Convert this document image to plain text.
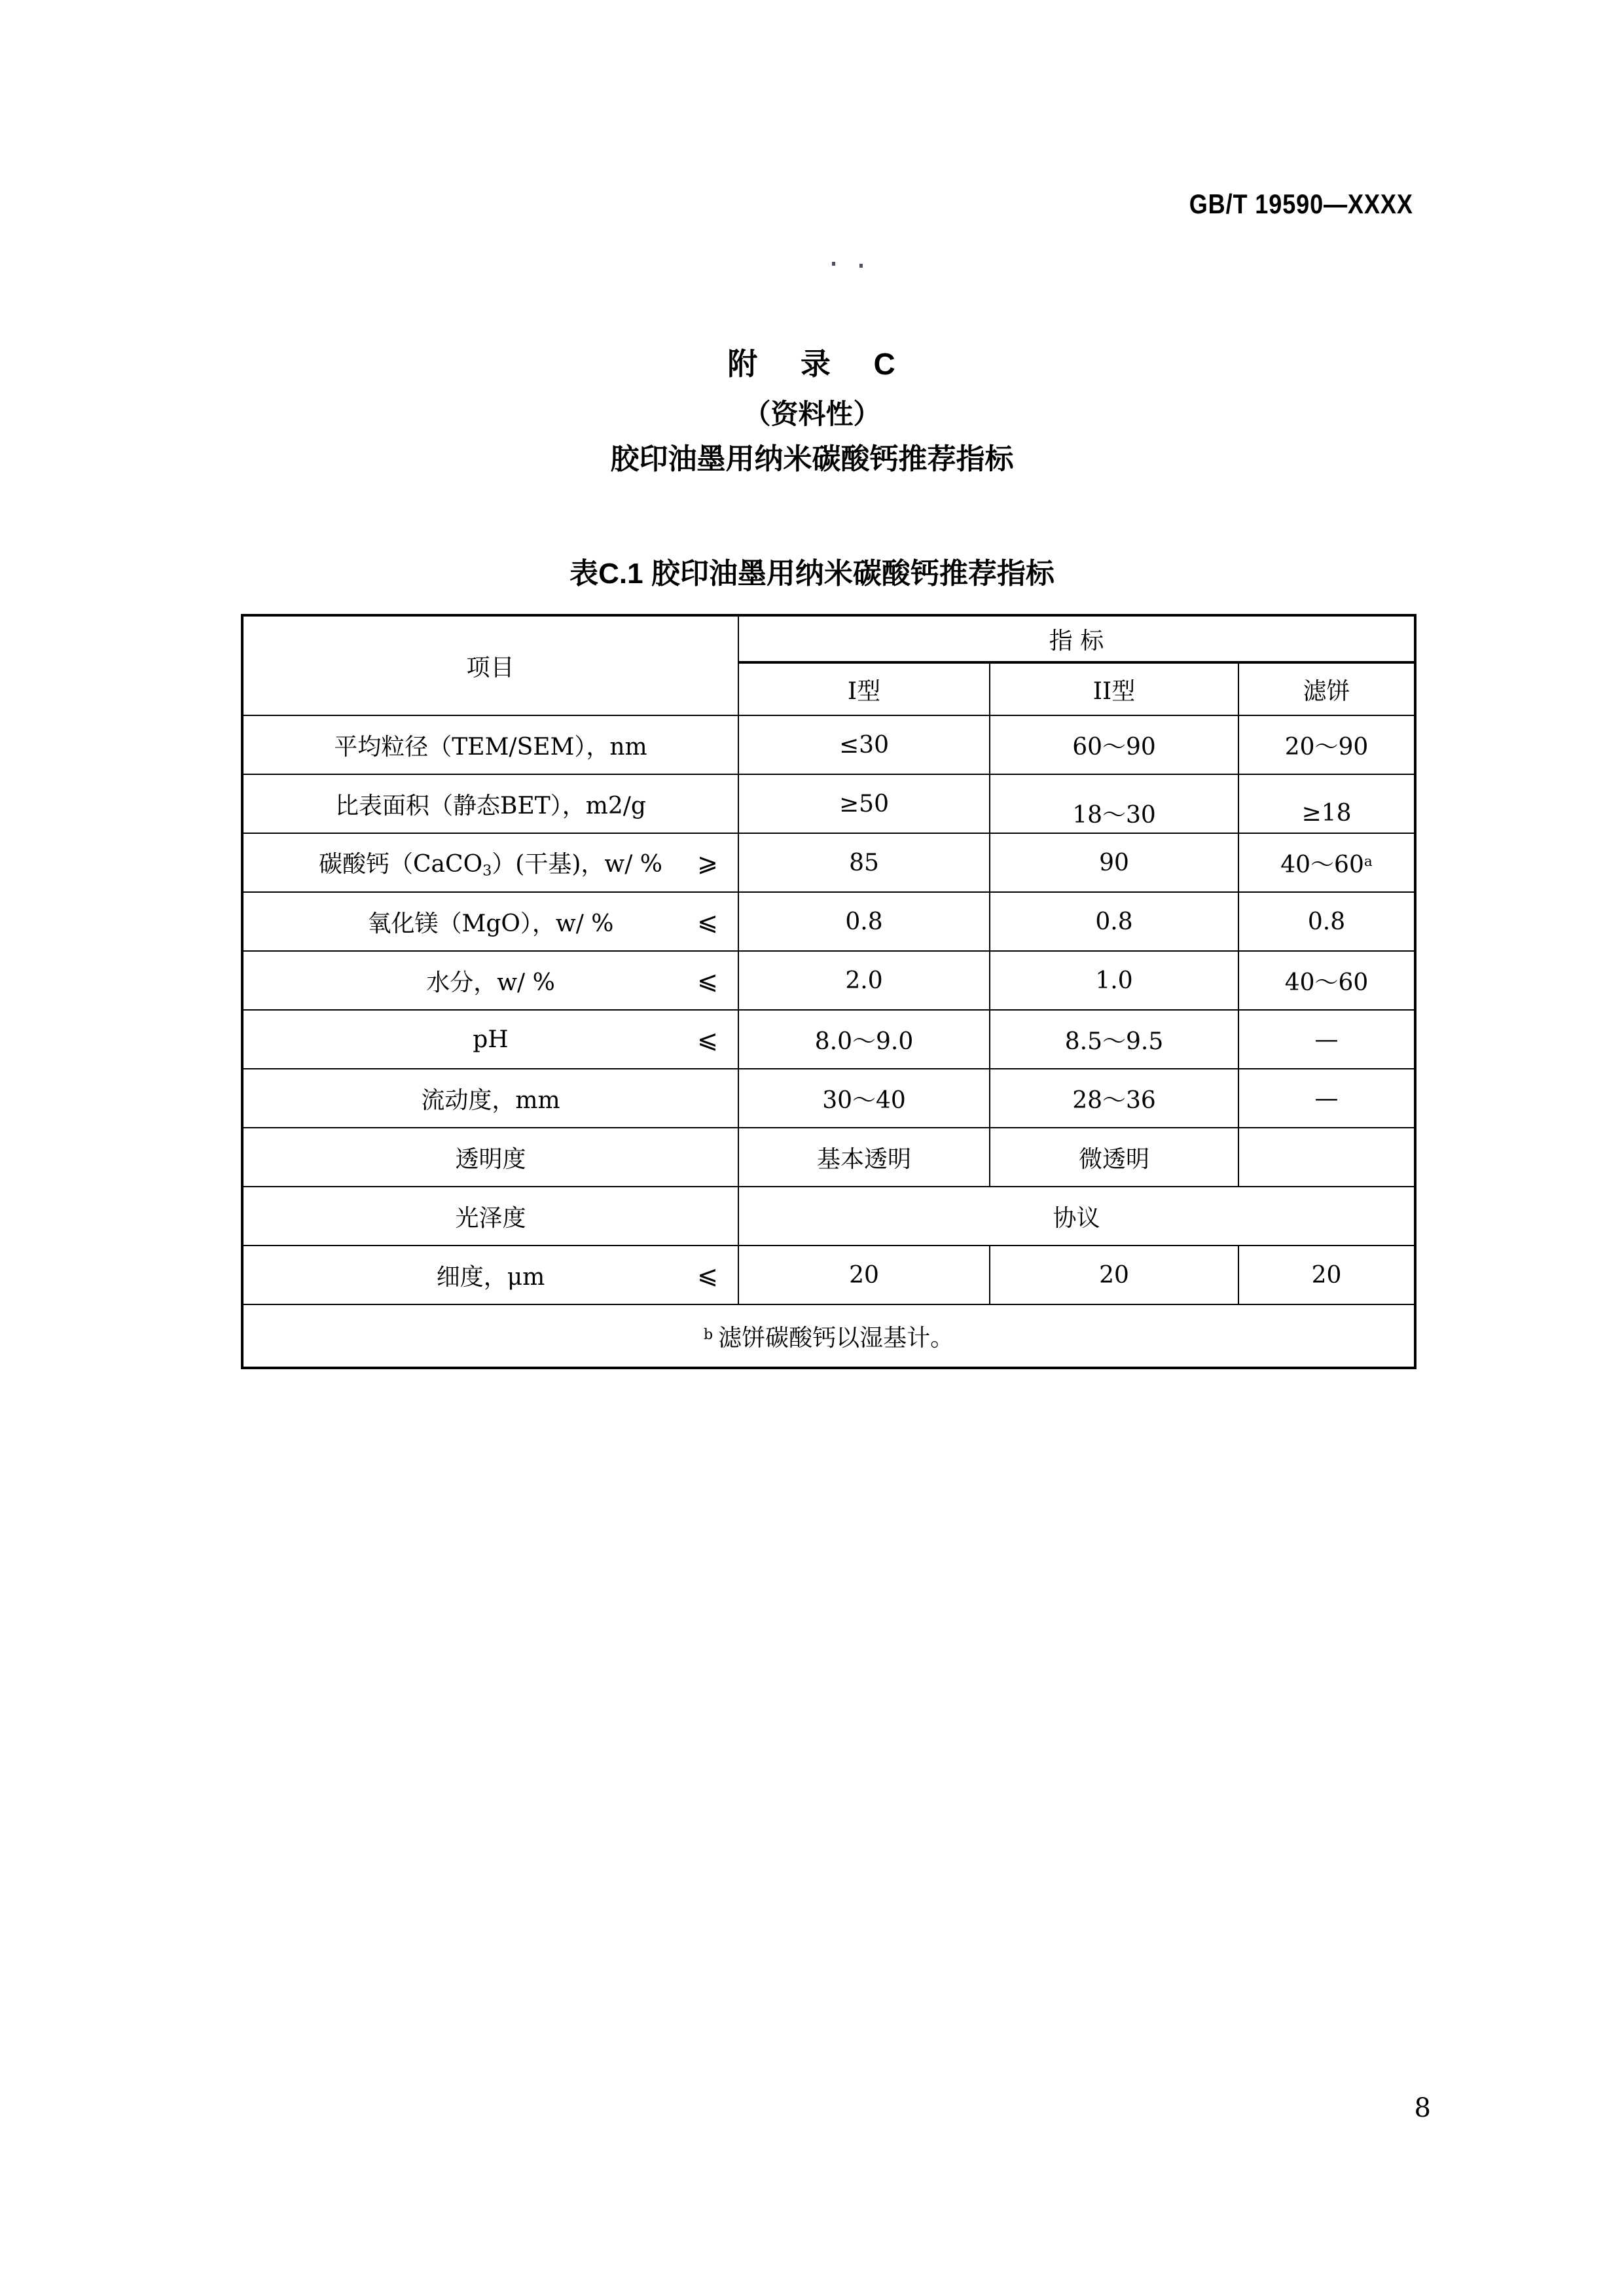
GB/T 19590—XXXX
附 录 C
（资料性）
胶印油墨用纳米碳酸钙推荐指标
表C.1 胶印油墨用纳米碳酸钙推荐指标
项目	指 标		
	I型	II型	滤饼
平均粒径（TEM/SEM），nm	≤30	60～90	20～90
比表面积（静态BET），m2/g	≥50	18～30	≥18
碳酸钙（CaCO$_3$）(干基)，w/ % ⩾	85	90	40～60$^a$
氧化镁（MgO），w/ % ⩽	0.8	0.8	0.8
水分，w/ % ⩽	2.0	1.0	40～60
pH ⩽	8.0～9.0	8.5～9.5	—
流动度，mm	30～40	28～36	—
透明度	基本透明	微透明	
光泽度	协议		
细度，μm ⩽	20	20	20
$^b$ 滤饼碳酸钙以湿基计。			
8
